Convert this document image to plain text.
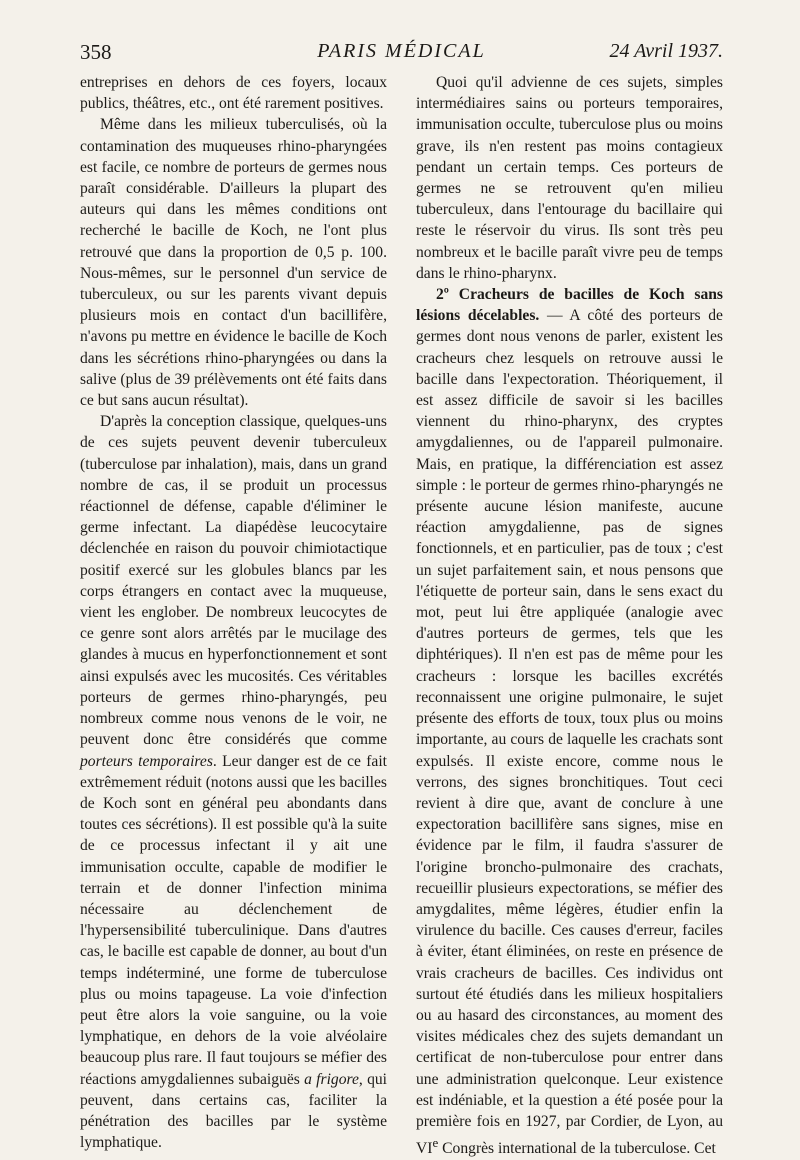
358	PARIS MÉDICAL	24 Avril 1937.

entreprises en dehors de ces foyers, locaux publics, théâtres, etc., ont été rarement positives.

Même dans les milieux tuberculisés, où la contamination des muqueuses rhino-pharyngées est facile, ce nombre de porteurs de germes nous paraît considérable. D'ailleurs la plupart des auteurs qui dans les mêmes conditions ont recherché le bacille de Koch, ne l'ont plus retrouvé que dans la proportion de 0,5 p. 100. Nous-mêmes, sur le personnel d'un service de tuberculeux, ou sur les parents vivant depuis plusieurs mois en contact d'un bacillifère, n'avons pu mettre en évidence le bacille de Koch dans les sécrétions rhino-pharyngées ou dans la salive (plus de 39 prélèvements ont été faits dans ce but sans aucun résultat).

D'après la conception classique, quelques-uns de ces sujets peuvent devenir tuberculeux (tuberculose par inhalation), mais, dans un grand nombre de cas, il se produit un processus réactionnel de défense, capable d'éliminer le germe infectant. La diapédèse leucocytaire déclenchée en raison du pouvoir chimiotactique positif exercé sur les globules blancs par les corps étrangers en contact avec la muqueuse, vient les englober. De nombreux leucocytes de ce genre sont alors arrêtés par le mucilage des glandes à mucus en hyperfonctionnement et sont ainsi expulsés avec les mucosités. Ces véritables porteurs de germes rhino-pharyngés, peu nombreux comme nous venons de le voir, ne peuvent donc être considérés que comme porteurs temporaires. Leur danger est de ce fait extrêmement réduit (notons aussi que les bacilles de Koch sont en général peu abondants dans toutes ces sécrétions). Il est possible qu'à la suite de ce processus infectant il y ait une immunisation occulte, capable de modifier le terrain et de donner l'infection minima nécessaire au déclenchement de l'hypersensibilité tuberculinique. Dans d'autres cas, le bacille est capable de donner, au bout d'un temps indéterminé, une forme de tuberculose plus ou moins tapageuse. La voie d'infection peut être alors la voie sanguine, ou la voie lymphatique, en dehors de la voie alvéolaire beaucoup plus rare. Il faut toujours se méfier des réactions amygdaliennes subaiguës a frigore, qui peuvent, dans certains cas, faciliter la pénétration des bacilles par le système lymphatique.

Quoi qu'il advienne de ces sujets, simples intermédiaires sains ou porteurs temporaires, immunisation occulte, tuberculose plus ou moins grave, ils n'en restent pas moins contagieux pendant un certain temps. Ces porteurs de germes ne se retrouvent qu'en milieu tuberculeux, dans l'entourage du bacillaire qui reste le réservoir du virus. Ils sont très peu nombreux et le bacille paraît vivre peu de temps dans le rhino-pharynx.

2º Cracheurs de bacilles de Koch sans lésions décelables. — A côté des porteurs de germes dont nous venons de parler, existent les cracheurs chez lesquels on retrouve aussi le bacille dans l'expectoration. Théoriquement, il est assez difficile de savoir si les bacilles viennent du rhino-pharynx, des cryptes amygdaliennes, ou de l'appareil pulmonaire. Mais, en pratique, la différenciation est assez simple : le porteur de germes rhino-pharyngés ne présente aucune lésion manifeste, aucune réaction amygdalienne, pas de signes fonctionnels, et en particulier, pas de toux ; c'est un sujet parfaitement sain, et nous pensons que l'étiquette de porteur sain, dans le sens exact du mot, peut lui être appliquée (analogie avec d'autres porteurs de germes, tels que les diphtériques). Il n'en est pas de même pour les cracheurs : lorsque les bacilles excrétés reconnaissent une origine pulmonaire, le sujet présente des efforts de toux, toux plus ou moins importante, au cours de laquelle les crachats sont expulsés. Il existe encore, comme nous le verrons, des signes bronchitiques. Tout ceci revient à dire que, avant de conclure à une expectoration bacillifère sans signes, mise en évidence par le film, il faudra s'assurer de l'origine broncho-pulmonaire des crachats, recueillir plusieurs expectorations, se méfier des amygdalites, même légères, étudier enfin la virulence du bacille. Ces causes d'erreur, faciles à éviter, étant éliminées, on reste en présence de vrais cracheurs de bacilles. Ces individus ont surtout été étudiés dans les milieux hospitaliers ou au hasard des circonstances, au moment des visites médicales chez des sujets demandant un certificat de non-tuberculose pour entrer dans une administration quelconque. Leur existence est indéniable, et la question a été posée pour la première fois en 1927, par Cordier, de Lyon, au VIe Congrès international de la tuberculose. Cet
